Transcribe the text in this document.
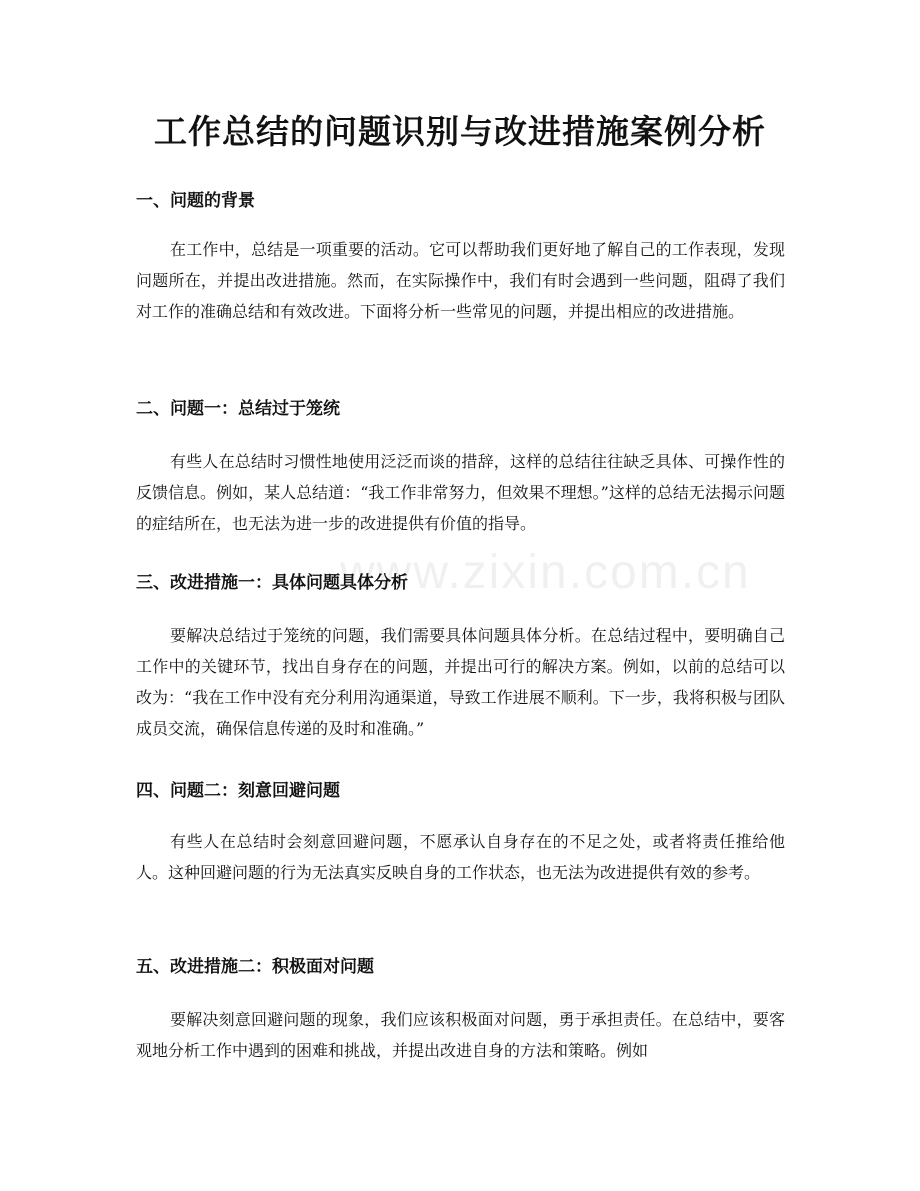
工作总结的问题识别与改进措施案例分析
www.zixin.com.cn
一、问题的背景

在工作中，总结是一项重要的活动。它可以帮助我们更好地了解自己的工作表现，发现问题所在，并提出改进措施。然而，在实际操作中，我们有时会遇到一些问题，阻碍了我们对工作的准确总结和有效改进。下面将分析一些常见的问题，并提出相应的改进措施。

二、问题一：总结过于笼统

有些人在总结时习惯性地使用泛泛而谈的措辞，这样的总结往往缺乏具体、可操作性的反馈信息。例如，某人总结道：“我工作非常努力，但效果不理想。”这样的总结无法揭示问题的症结所在，也无法为进一步的改进提供有价值的指导。

三、改进措施一：具体问题具体分析

要解决总结过于笼统的问题，我们需要具体问题具体分析。在总结过程中，要明确自己工作中的关键环节，找出自身存在的问题，并提出可行的解决方案。例如，以前的总结可以改为：“我在工作中没有充分利用沟通渠道，导致工作进展不顺利。下一步，我将积极与团队成员交流，确保信息传递的及时和准确。”

四、问题二：刻意回避问题

有些人在总结时会刻意回避问题，不愿承认自身存在的不足之处，或者将责任推给他人。这种回避问题的行为无法真实反映自身的工作状态，也无法为改进提供有效的参考。

五、改进措施二：积极面对问题

要解决刻意回避问题的现象，我们应该积极面对问题，勇于承担责任。在总结中，要客观地分析工作中遇到的困难和挑战，并提出改进自身的方法和策略。例如
